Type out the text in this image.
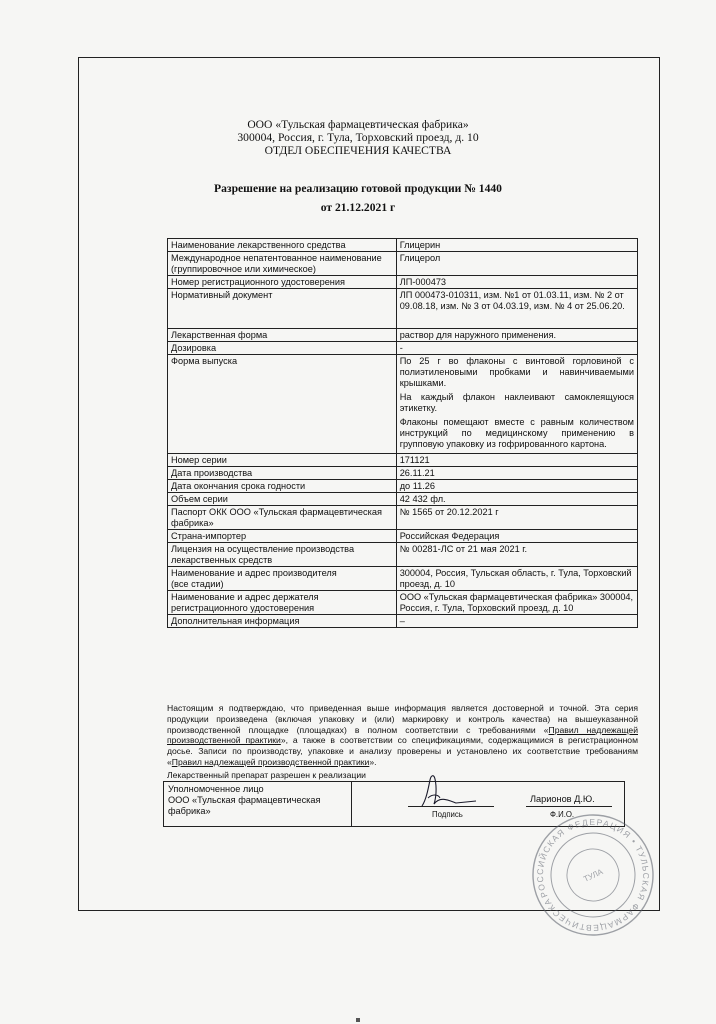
ООО «Тульская фармацевтическая фабрика»
300004, Россия, г. Тула, Торховский проезд, д. 10
ОТДЕЛ ОБЕСПЕЧЕНИЯ КАЧЕСТВА
Разрешение на реализацию готовой продукции № 1440
от 21.12.2021 г
Наименование лекарственного средства	Глицерин
Международное непатентованное наименование (группировочное или химическое)	Глицерол
Номер регистрационного удостоверения	ЛП-000473
Нормативный документ	ЛП 000473-010311, изм. №1 от 01.03.11, изм. № 2 от 09.08.18, изм. № 3 от 04.03.19, изм. № 4 от 25.06.20.
Лекарственная форма	раствор для наружного применения.
Дозировка	-
Форма выпуска	По 25 г во флаконы с винтовой горловиной с полиэтиленовыми пробками и навинчиваемыми крышками.

На каждый флакон наклеивают самоклеящуюся этикетку.

Флаконы помещают вместе с равным количеством инструкций по медицинскому применению в групповую упаковку из гофрированного картона.

Номер серии	171121
Дата производства	26.11.21
Дата окончания срока годности	до 11.26
Объем серии	42 432 фл.
Паспорт ОКК ООО «Тульская фармацевтическая фабрика»	№ 1565 от 20.12.2021 г
Страна-импортер	Российская Федерация
Лицензия на осуществление производства лекарственных средств	№ 00281-ЛС от 21 мая 2021 г.
Наименование и адрес производителя
(все стадии)	300004, Россия, Тульская область, г. Тула, Торховский проезд, д. 10
Наименование и адрес держателя регистрационного удостоверения	ООО «Тульская фармацевтическая фабрика» 300004, Россия, г. Тула, Торховский проезд, д. 10
Дополнительная информация	–
Настоящим я подтверждаю, что приведенная выше информация является достоверной и точной. Эта серия продукции произведена (включая упаковку и (или) маркировку и контроль качества) на вышеуказанной производственной площадке (площадках) в полном соответствии с требованиями «Правил надлежащей производственной практики», а также в соответствии со спецификациями, содержащимися в регистрационном досье. Записи по производству, упаковке и анализу проверены и установлено их соответствие требованиям «Правил надлежащей производственной практики».
Лекарственный препарат разрешен к реализации
Уполномоченное лицо
ООО «Тульская фармацевтическая фабрика»	Подпись
Ларионов Д.Ю.
Ф.И.О.
РОССИЙСКАЯ ФЕДЕРАЦИЯ • ТУЛЬСКАЯ ФАРМАЦЕВТИЧЕСКАЯ
ТУЛА
